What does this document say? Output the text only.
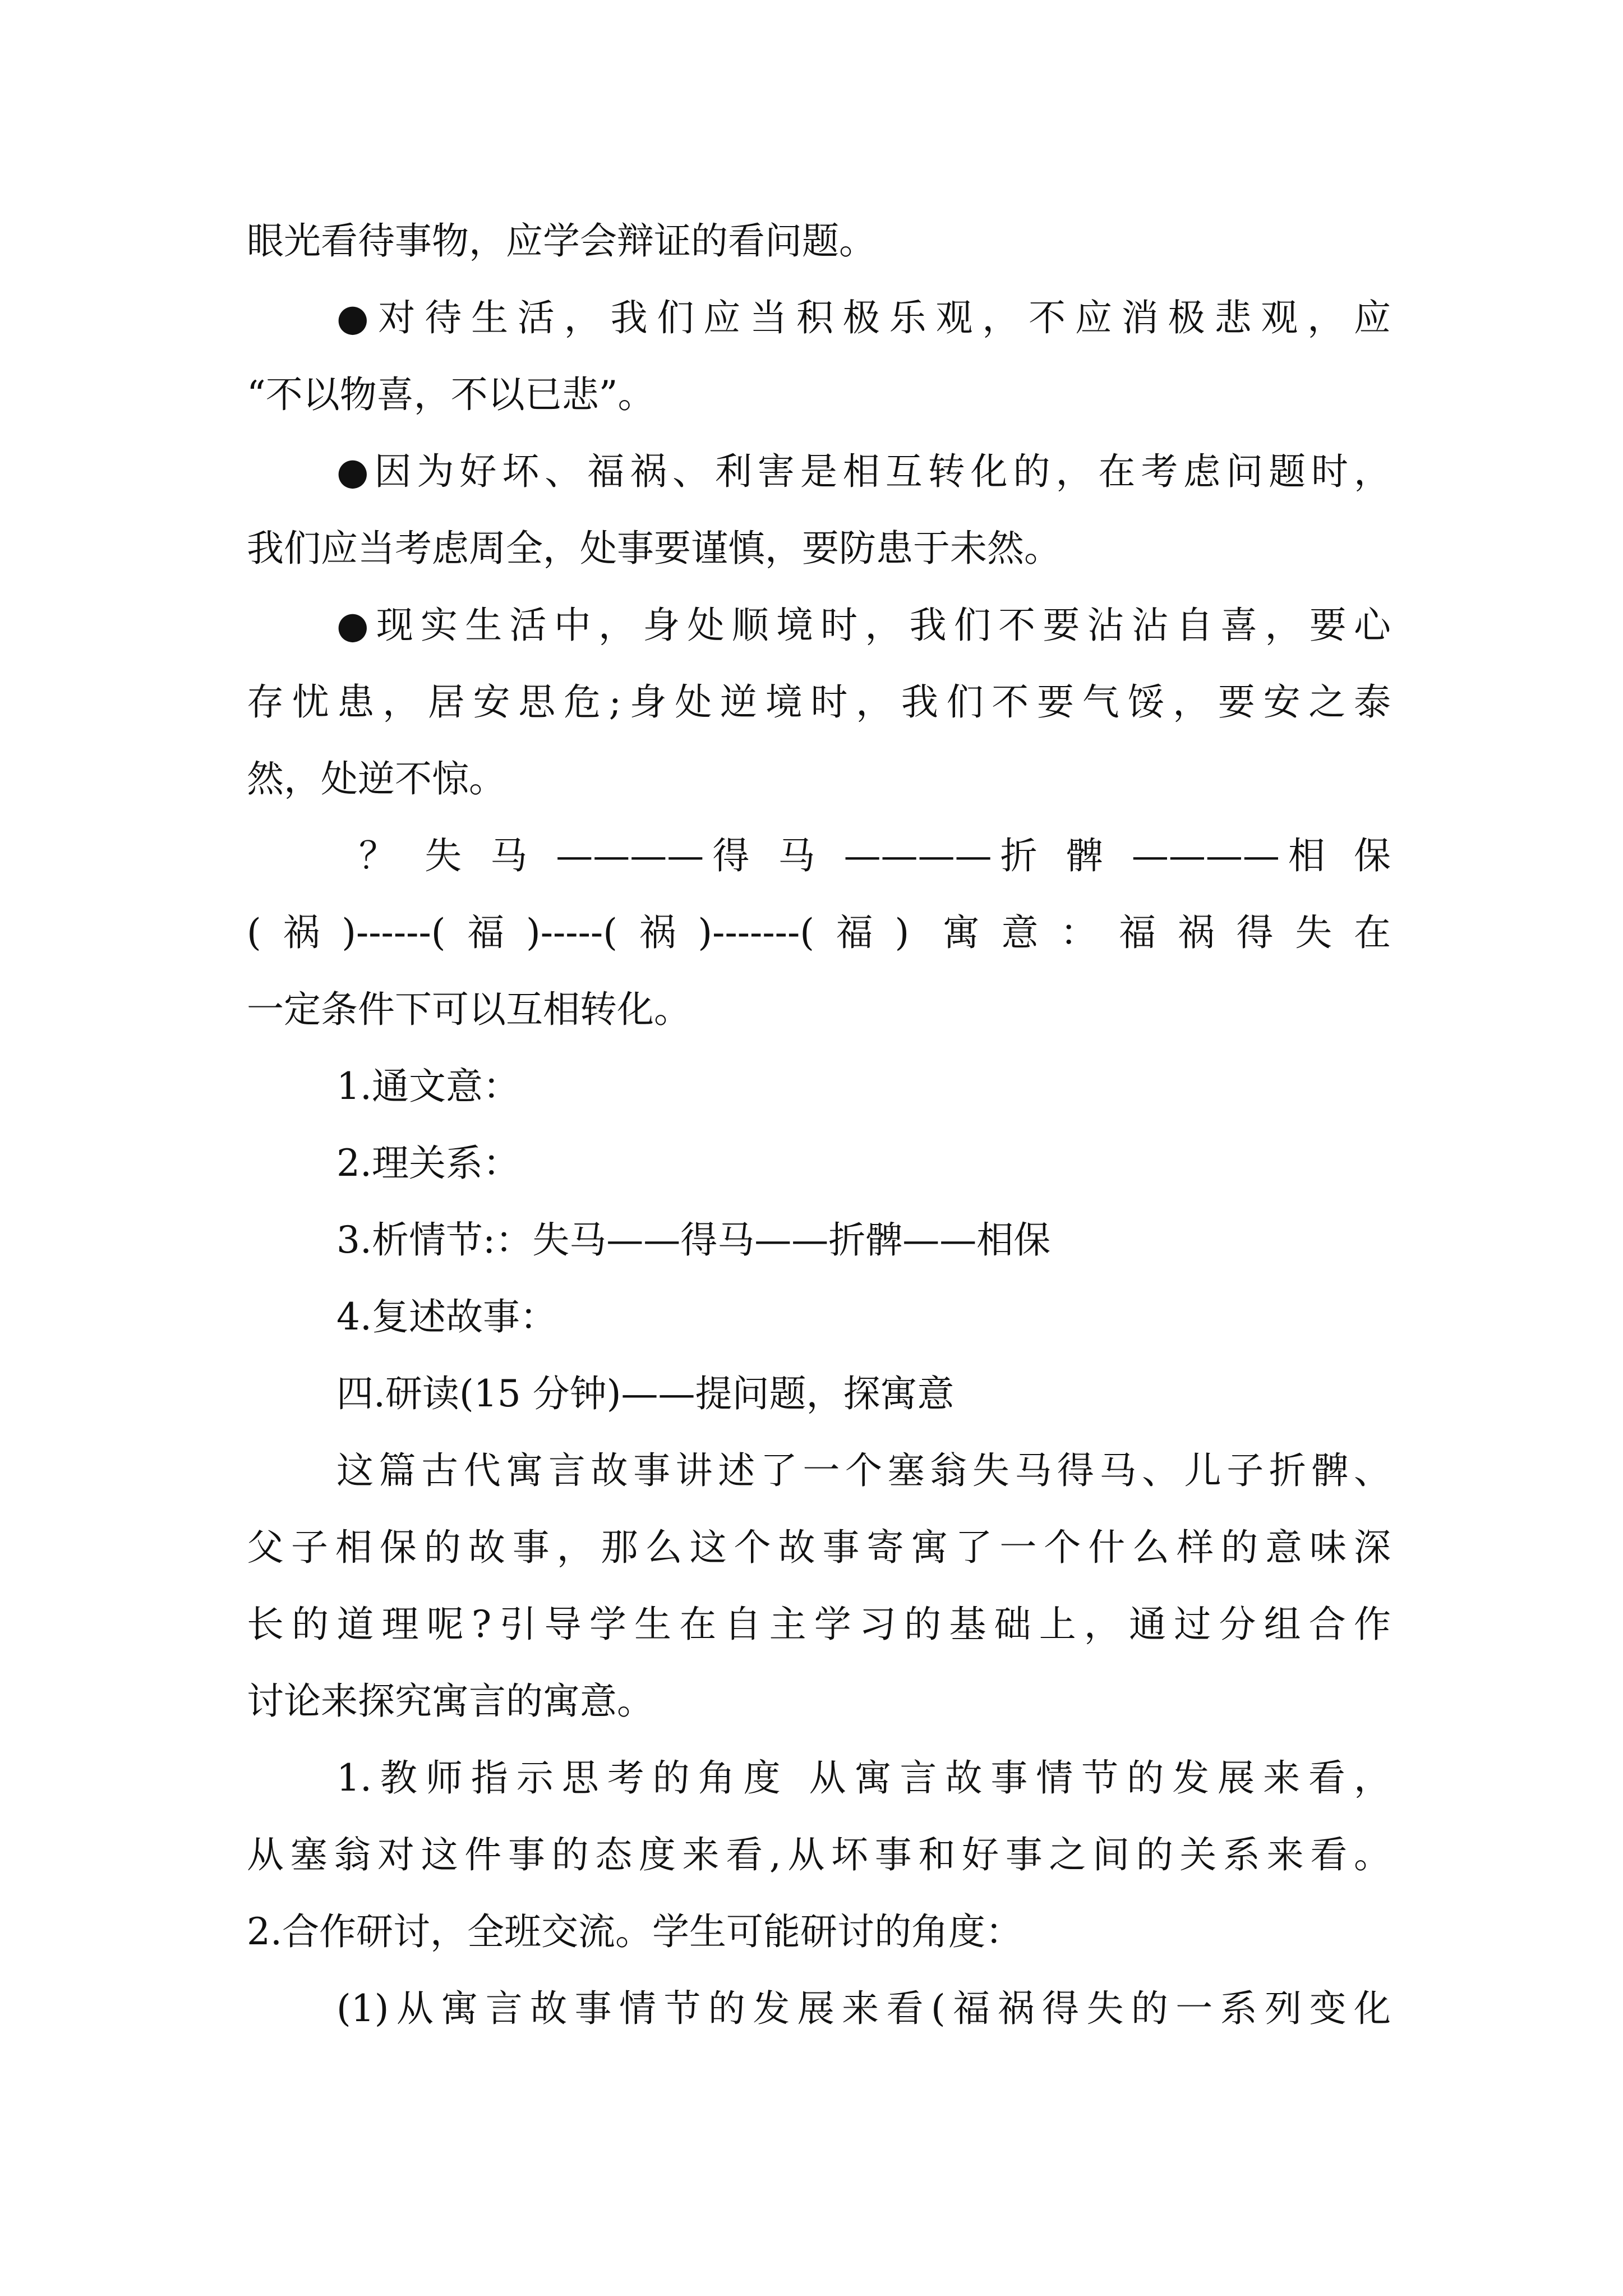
眼光看待事物，应学会辩证的看问题。
●对待生活，我们应当积极乐观，不应消极悲观，应
“不以物喜，不以已悲”。
●因为好坏、福祸、利害是相互转化的，在考虑问题时，
我们应当考虑周全，处事要谨慎，要防患于未然。
●现实生活中，身处顺境时，我们不要沾沾自喜，要心
存忧患，居安思危;身处逆境时，我们不要气馁，要安之泰
然，处逆不惊。
？ 失 马 ————得 马 ————折 髀 ————相 保
(祸)------(福)-----(祸)-------(福) 寓意：福祸得失在
一定条件下可以互相转化。
1.通文意：
2.理关系：
3.析情节:：失马——得马——折髀——相保
4.复述故事：
四.研读(15 分钟)——提问题，探寓意
这篇古代寓言故事讲述了一个塞翁失马得马、儿子折髀、
父子相保的故事，那么这个故事寄寓了一个什么样的意味深
长的道理呢?引导学生在自主学习的基础上，通过分组合作
讨论来探究寓言的寓意。
1.教师指示思考的角度 从寓言故事情节的发展来看，
从塞翁对这件事的态度来看,从坏事和好事之间的关系来看。
2.合作研讨，全班交流。学生可能研讨的角度：
(1)从寓言故事情节的发展来看(福祸得失的一系列变化
